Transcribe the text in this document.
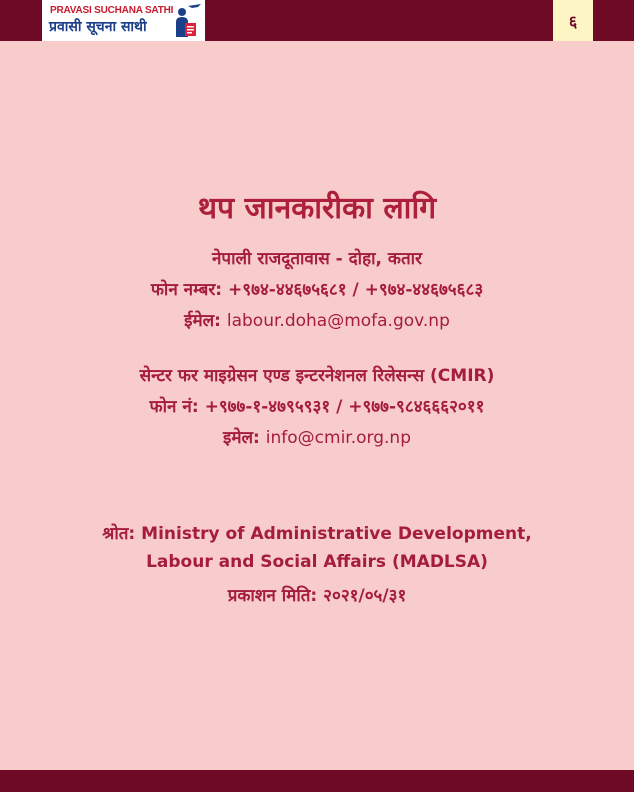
PRAVASI SUCHANA SATHI
प्रवासी सूचना साथी	६
थप जानकारीका लागि
नेपाली राजदूतावास - दोहा, कतार
फोन नम्बर: +९७४-४४६७५६८१ / +९७४-४४६७५६८३
ईमेल: labour.doha@mofa.gov.np
सेन्टर फर माइग्रेसन एण्ड इन्टरनेशनल रिलेसन्स (CMIR)
फोन नं: +९७७-१-४७९५९३१ / +९७७-९८४६६६२०११
इमेल: info@cmir.org.np
श्रोत: Ministry of Administrative Development,
Labour and Social Affairs (MADLSA)
प्रकाशन मिति: २०२१/०५/३१
